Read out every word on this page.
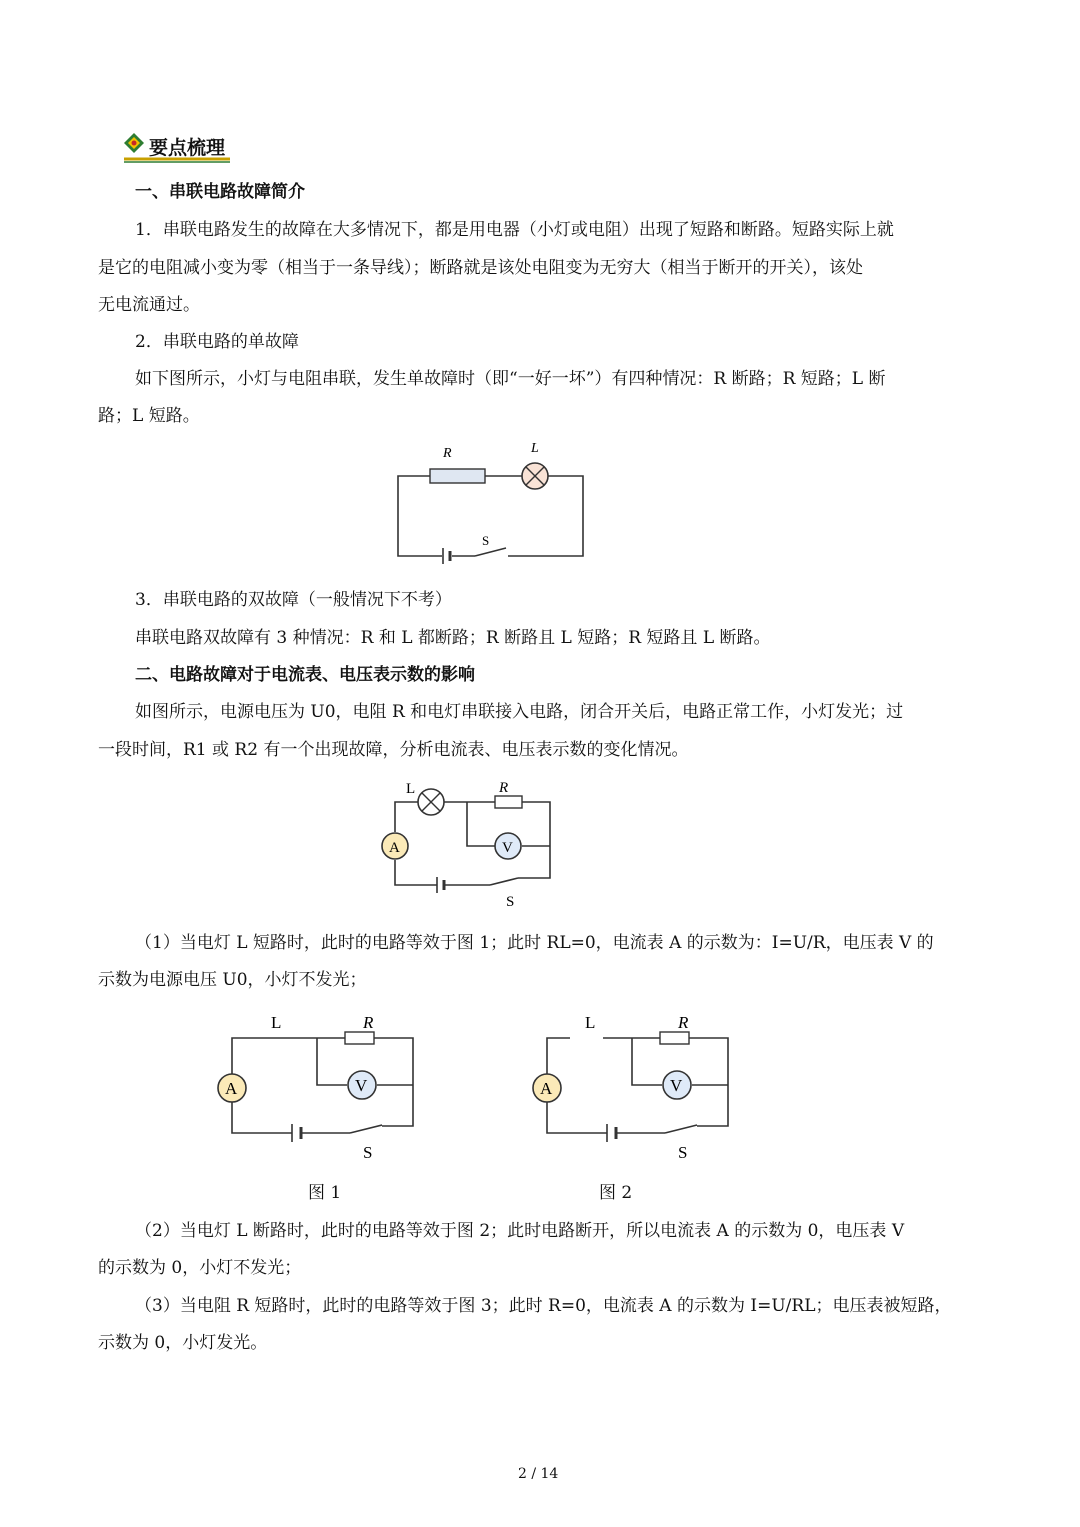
要点梳理
一、串联电路故障简介
1．串联电路发生的故障在大多情况下，都是用电器（小灯或电阻）出现了短路和断路。短路实际上就
是它的电阻减小变为零（相当于一条导线）；断路就是该处电阻变为无穷大（相当于断开的开关），该处
无电流通过。
2．串联电路的单故障
如下图所示，小灯与电阻串联，发生单故障时（即“一好一坏”）有四种情况：R 断路；R 短路；L 断
路；L 短路。
R	L
S
3．串联电路的双故障（一般情况下不考）
串联电路双故障有 3 种情况：R 和 L 都断路；R 断路且 L 短路；R 短路且 L 断路。
二、电路故障对于电流表、电压表示数的影响
如图所示，电源电压为 U0，电阻 R 和电灯串联接入电路，闭合开关后，电路正常工作，小灯发光；过
一段时间，R1 或 R2 有一个出现故障，分析电流表、电压表示数的变化情况。
L	R
A	V
S
（1）当电灯 L 短路时，此时的电路等效于图 1；此时 RL=0，电流表 A 的示数为：I=U/R，电压表 V 的
示数为电源电压 U0，小灯不发光；
L	R
A	V
S
图 1
L	R
A	V
S
图 2
（2）当电灯 L 断路时，此时的电路等效于图 2；此时电路断开，所以电流表 A 的示数为 0，电压表 V
的示数为 0，小灯不发光；
（3）当电阻 R 短路时，此时的电路等效于图 3；此时 R=0，电流表 A 的示数为 I=U/RL；电压表被短路，
示数为 0，小灯发光。
2 / 14
